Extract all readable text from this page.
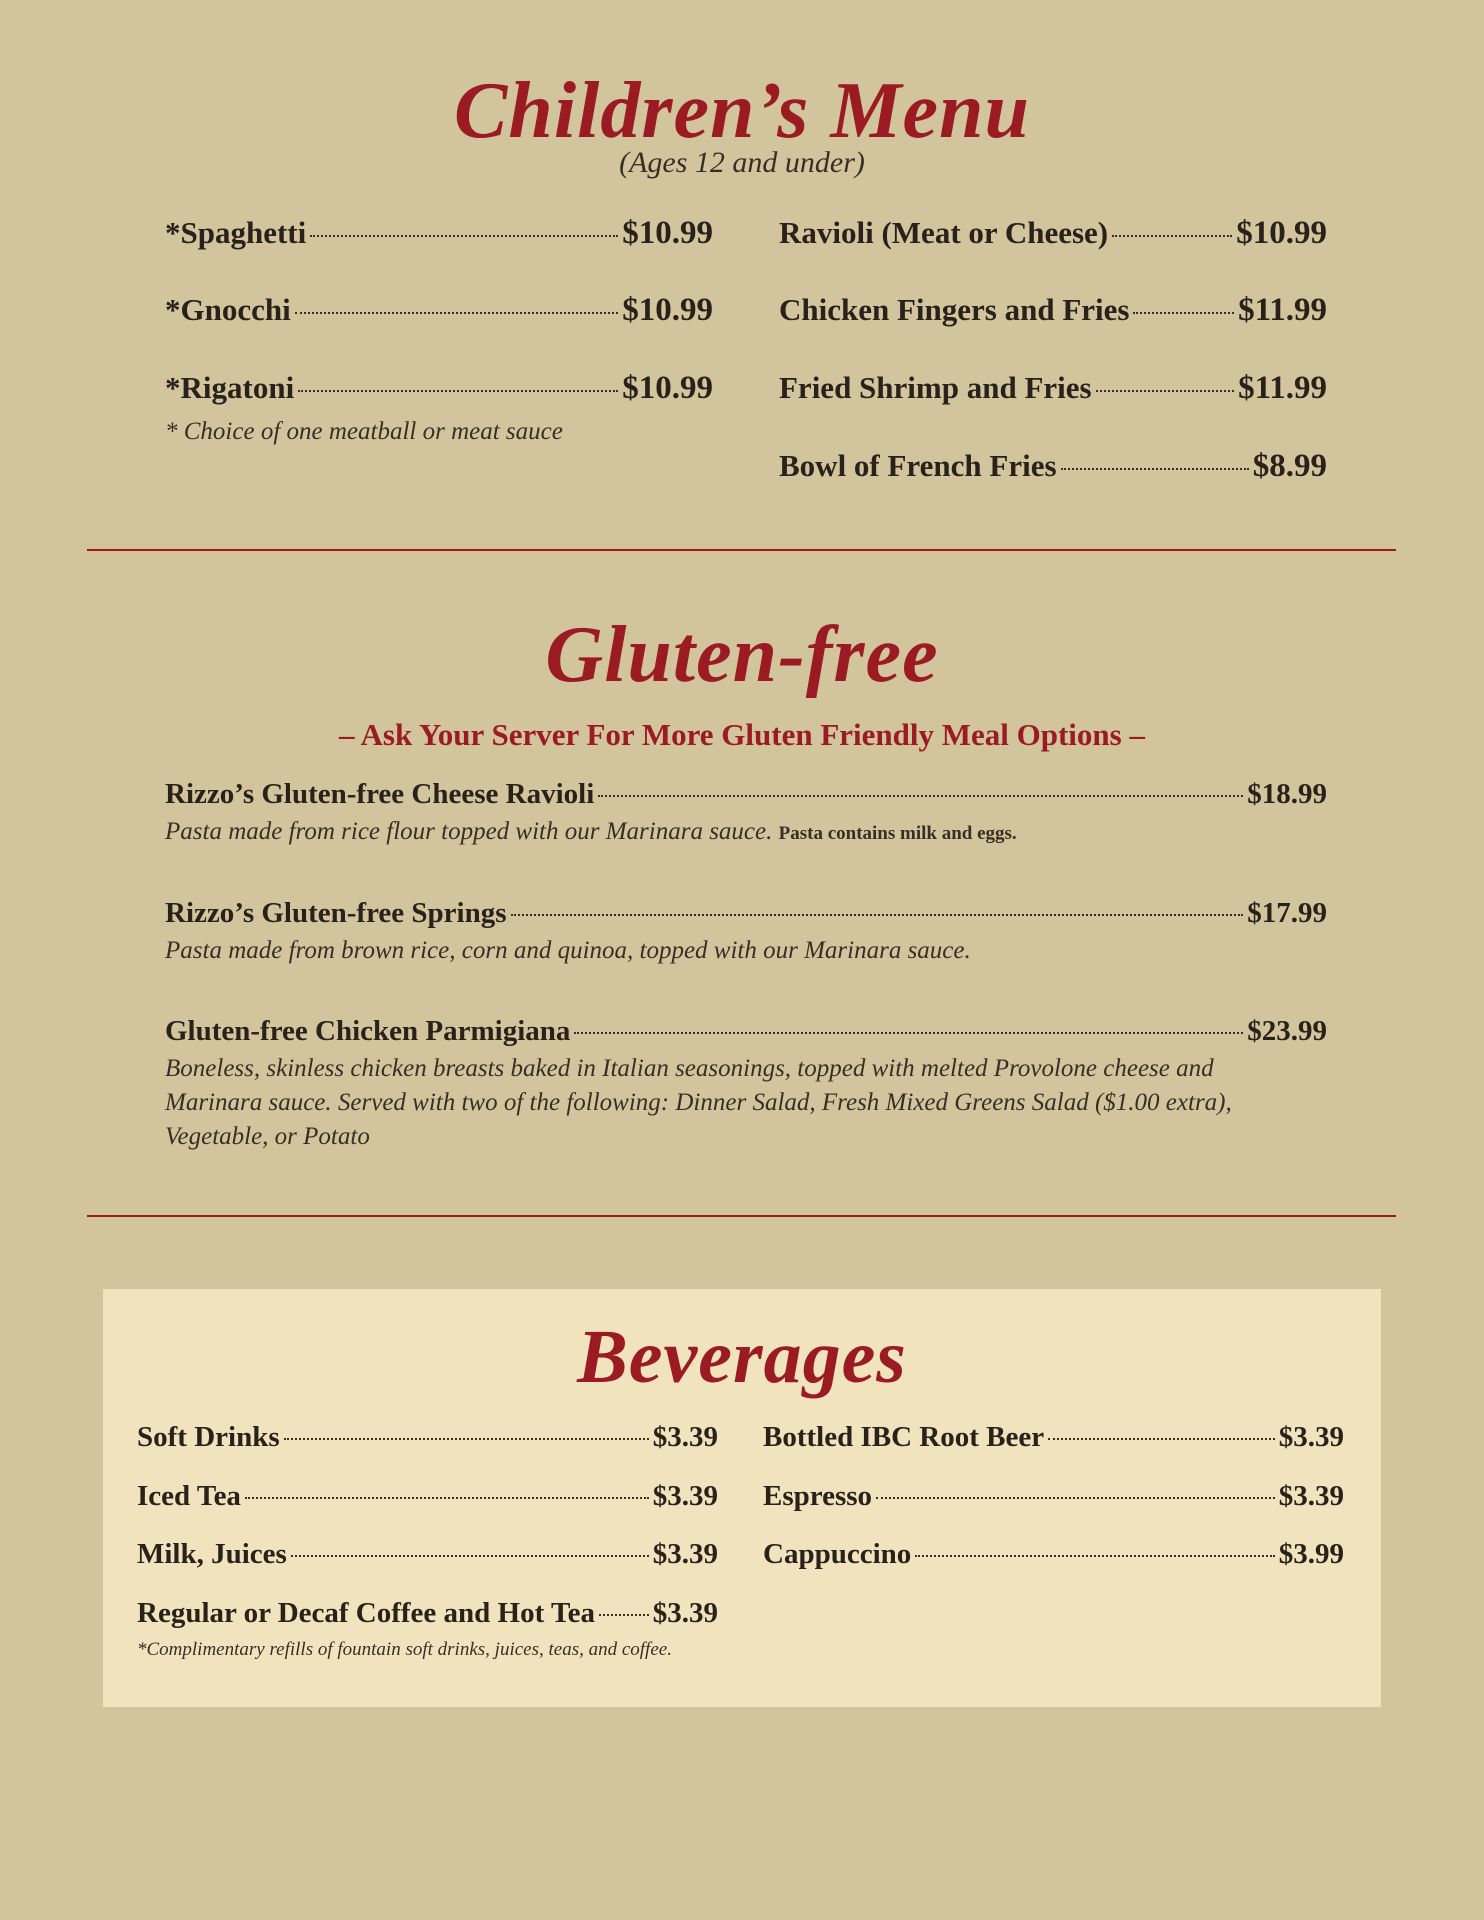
Children’s Menu
(Ages 12 and under)
*Spaghetti	$10.99
*Gnocchi	$10.99
*Rigatoni	$10.99
* Choice of one meatball or meat sauce
Ravioli (Meat or Cheese)	$10.99
Chicken Fingers and Fries	$11.99
Fried Shrimp and Fries	$11.99
Bowl of French Fries	$8.99
Gluten-free
– Ask Your Server For More Gluten Friendly Meal Options –
Rizzo’s Gluten-free Cheese Ravioli	$18.99
Pasta made from rice flour topped with our Marinara sauce. Pasta contains milk and eggs.
Rizzo’s Gluten-free Springs	$17.99
Pasta made from brown rice, corn and quinoa, topped with our Marinara sauce.
Gluten-free Chicken Parmigiana	$23.99
Boneless, skinless chicken breasts baked in Italian seasonings, topped with melted Provolone cheese and Marinara sauce. Served with two of the following: Dinner Salad, Fresh Mixed Greens Salad ($1.00 extra), Vegetable, or Potato
Beverages
Soft Drinks	$3.39
Iced Tea	$3.39
Milk, Juices	$3.39
Regular or Decaf Coffee and Hot Tea $3.39
*Complimentary refills of fountain soft drinks, juices, teas, and coffee.
Bottled IBC Root Beer	$3.39
Espresso	$3.39
Cappuccino	$3.99
